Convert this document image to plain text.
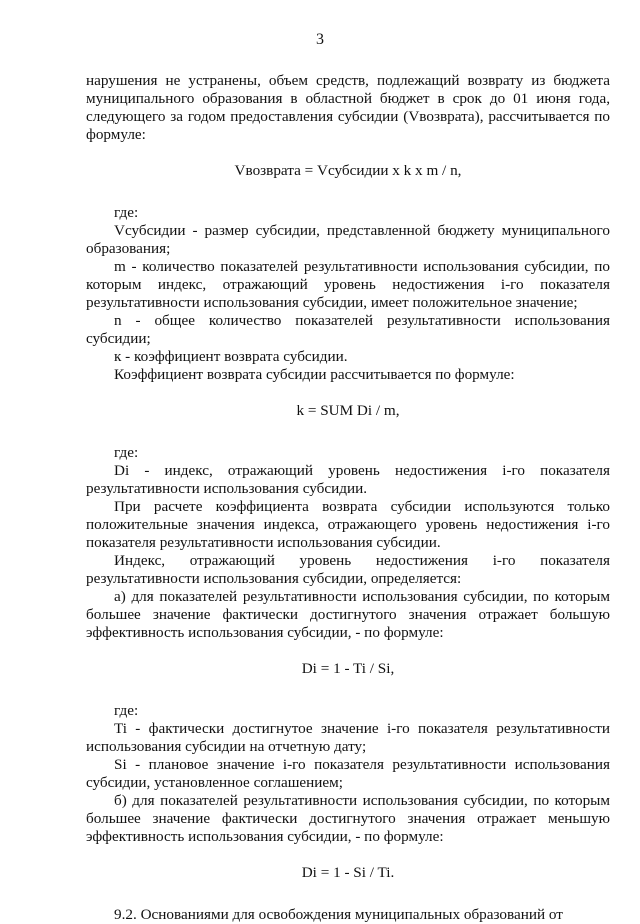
3

нарушения не устранены, объем средств, подлежащий возврату из бюджета муниципального образования в областной бюджет в срок до 01 июня года, следующего за годом предоставления субсидии (Vвозврата), рассчитывается по формуле:

Vвозврата = Vсубсидии x k x m / n,

где:

Vсубсидии - размер субсидии, представленной бюджету муниципального образования;

m - количество показателей результативности использования субсидии, по которым индекс, отражающий уровень недостижения i-го показателя результативности использования субсидии, имеет положительное значение;

n - общее количество показателей результативности использования субсидии;

к - коэффициент возврата субсидии.

Коэффициент возврата субсидии рассчитывается по формуле:

k = SUM Di / m,

где:

Di - индекс, отражающий уровень недостижения i-го показателя результативности использования субсидии.

При расчете коэффициента возврата субсидии используются только положительные значения индекса, отражающего уровень недостижения i-го показателя результативности использования субсидии.

Индекс, отражающий уровень недостижения i-го показателя результативности использования субсидии, определяется:

а) для показателей результативности использования субсидии, по которым большее значение фактически достигнутого значения отражает большую эффективность использования субсидии, - по формуле:

Di = 1 - Ti / Si,

где:

Ti - фактически достигнутое значение i-го показателя результативности использования субсидии на отчетную дату;

Si - плановое значение i-го показателя результативности использования субсидии, установленное соглашением;

б) для показателей результативности использования субсидии, по которым большее значение фактически достигнутого значения отражает меньшую эффективность использования субсидии, - по формуле:

Di = 1 - Si / Ti.

9.2. Основаниями для освобождения муниципальных образований от
